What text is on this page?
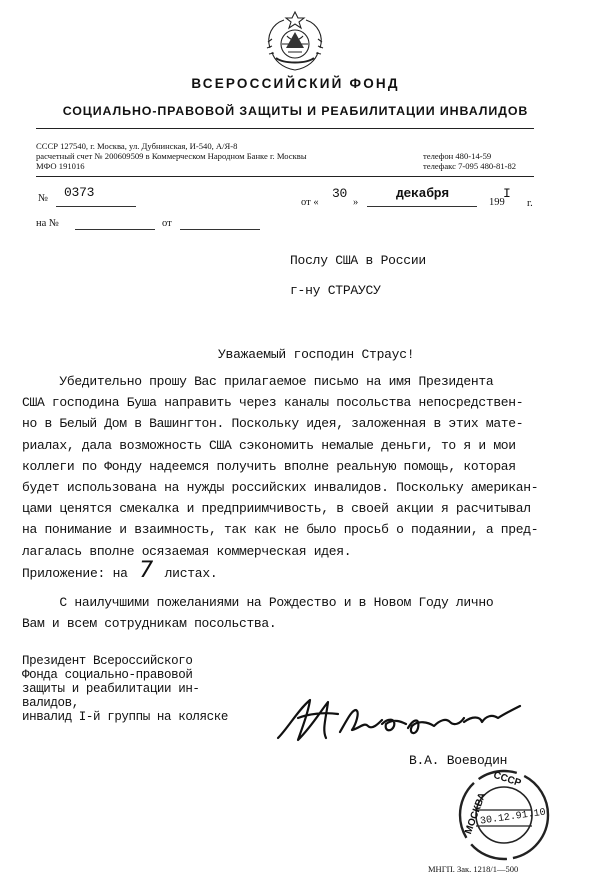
ВСЕРОССИЙСКИЙ ФОНД
СОЦИАЛЬНО-ПРАВОВОЙ ЗАЩИТЫ И РЕАБИЛИТАЦИИ ИНВАЛИДОВ
СССР 127540, г. Москва, ул. Дубнинская, И-540, А/Я-8
расчетный счет № 200609509 в Коммерческом Народном Банке г. Москвы
МФО 191016
телефон 480-14-59
телефакс 7-095 480-81-82
№ 0373
от «
30
»
декабря	I
199 г.
на №	от
Послу США в России
г-ну СТРАУСУ
Уважаемый господин Страус!
Убедительно прошу Вас прилагаемое письмо на имя Президента
США господина Буша направить через каналы посольства непосредствен-
но в Белый Дом в Вашингтон. Поскольку идея, заложенная в этих мате-
риалах, дала возможность США сэкономить немалые деньги, то я и мои
коллеги по Фонду надеемся получить вполне реальную помощь, которая
будет использована на нужды российских инвалидов. Поскольку американ-
цами ценятся смекалка и предприимчивость, в своей акции я расчитывал
на понимание и взаимность, так как не было просьб о подаянии, а пред-
лагалась вполне осязаемая коммерческая идея.
Приложение: на 7 листах.
С наилучшими пожеланиями на Рождество и в Новом Году лично
Вам и всем сотрудникам посольства.
Президент Всероссийского
Фонда социально-правовой
защиты и реабилитации ин-
валидов,
инвалид I-й группы на коляске
В.А. Воеводин
СССР
МОСКВА
30.12.91.10
МНГП. Зак. 1218/1—500
